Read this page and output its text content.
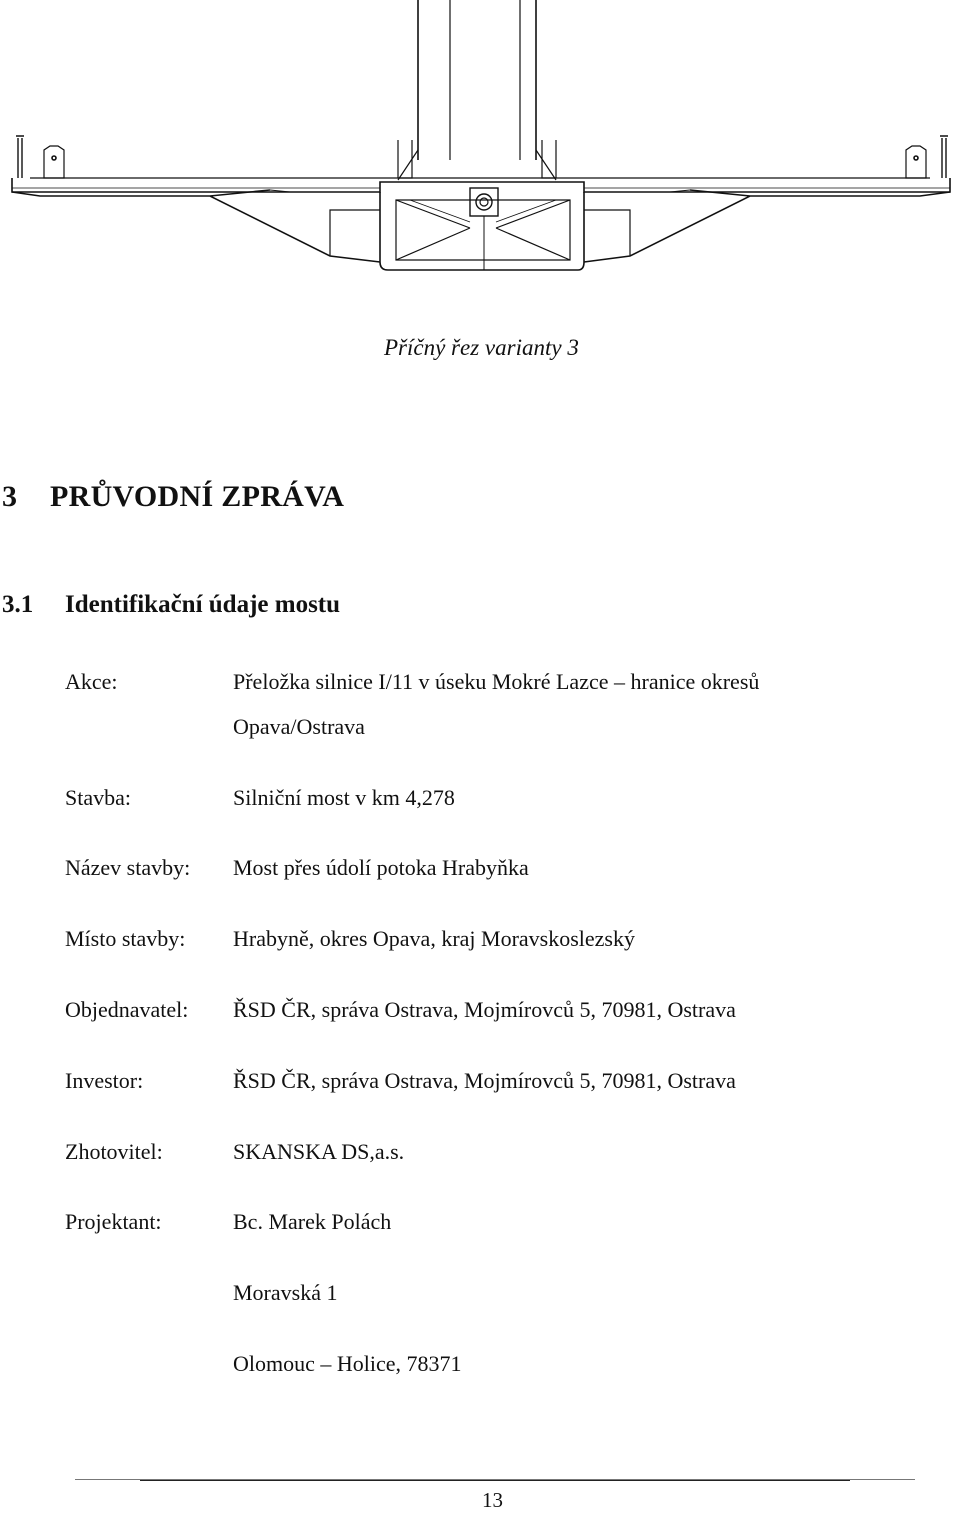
Příčný řez varianty 3
3 PRŮVODNÍ ZPRÁVA
3.1 Identifikační údaje mostu
Akce:	Přeložka silnice I/11 v úseku Mokré Lazce – hranice okresů
Opava/Ostrava
Stavba:	Silniční most v km 4,278
Název stavby: Most přes údolí potoka Hrabyňka
Místo stavby: Hrabyně, okres Opava, kraj Moravskoslezský
Objednavatel: ŘSD ČR, správa Ostrava, Mojmírovců 5, 70981, Ostrava
Investor:	ŘSD ČR, správa Ostrava, Mojmírovců 5, 70981, Ostrava
Zhotovitel:	SKANSKA DS,a.s.
Projektant:	Bc. Marek Polách
Moravská 1
Olomouc – Holice, 78371
13
